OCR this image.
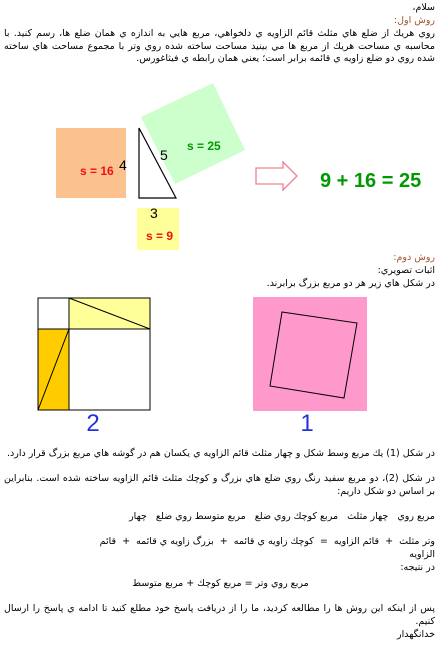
سلام،
روش اول:
روي هريك از ضلع هاي مثلث قائم الزاويه ي دلخواهي، مربع هايي به اندازه ي همان ضلع ها، رسم كنيد. با محاسبه ي مساحت هريك از مربع ها مي بينيد مساحت ساخته شده روي وتر با مجموع مساحت هاي ساخته شده روي دو ضلع زاويه ي قائمه برابر است؛ يعني همان رابطه ي فيثاغورس.
s = 16 4
5
s = 25
3
s = 9
9 + 16 = 25
روش دوم:
اثبات تصويري:
در شكل هاي زير هر دو مربع بزرگ برابرند.
2	1
در شكل (1) يك مربع وسط شكل و چهار مثلث قائم الزاويه ي يكسان هم در گوشه هاي مربع بزرگ قرار دارد.
در شكل (2)، دو مربع سفيد رنگ روي ضلع هاي بزرگ و كوچك مثلث قائم الزاويه ساخته شده است. بنابراين بر اساس دو شكل داريم:
مربع روي   چهار مثلث   مربع كوچك روي ضلع   مربع متوسط روي ضلع   چهار
وتر مثلث  +  قائم الزاويه  =  كوچك زاويه ي قائمه  +  بزرگ زاويه ي قائمه  +  قائم
الزاويه
در نتيجه:
مربع روي وتر = مربع كوچك + مربع متوسط
پس از اينكه اين روش ها را مطالعه كرديد، ما را از دريافت پاسخ خود مطلع كنيد تا ادامه ي پاسخ را ارسال كنيم.
خدانگهدار
